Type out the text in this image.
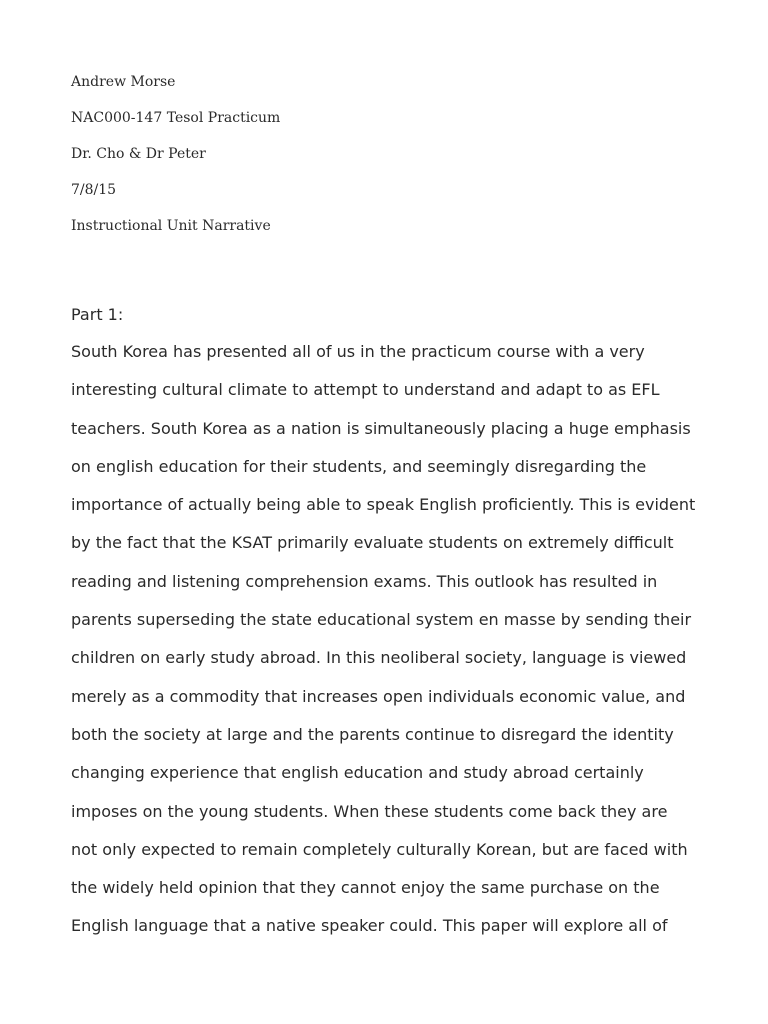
Andrew Morse
NAC000-147 Tesol Practicum
Dr. Cho & Dr Peter
7/8/15
Instructional Unit Narrative
Part 1:
South Korea has presented all of us in the practicum course with a very
interesting cultural climate to attempt to understand and adapt to as EFL
teachers. South Korea as a nation is simultaneously placing a huge emphasis
on english education for their students, and seemingly disregarding the
importance of actually being able to speak English proficiently. This is evident
by the fact that the KSAT primarily evaluate students on extremely difficult
reading and listening comprehension exams. This outlook has resulted in
parents superseding the state educational system en masse by sending their
children on early study abroad. In this neoliberal society, language is viewed
merely as a commodity that increases open individuals economic value, and
both the society at large and the parents continue to disregard the identity
changing experience that english education and study abroad certainly
imposes on the young students. When these students come back they are
not only expected to remain completely culturally Korean, but are faced with
the widely held opinion that they cannot enjoy the same purchase on the
English language that a native speaker could. This paper will explore all of
